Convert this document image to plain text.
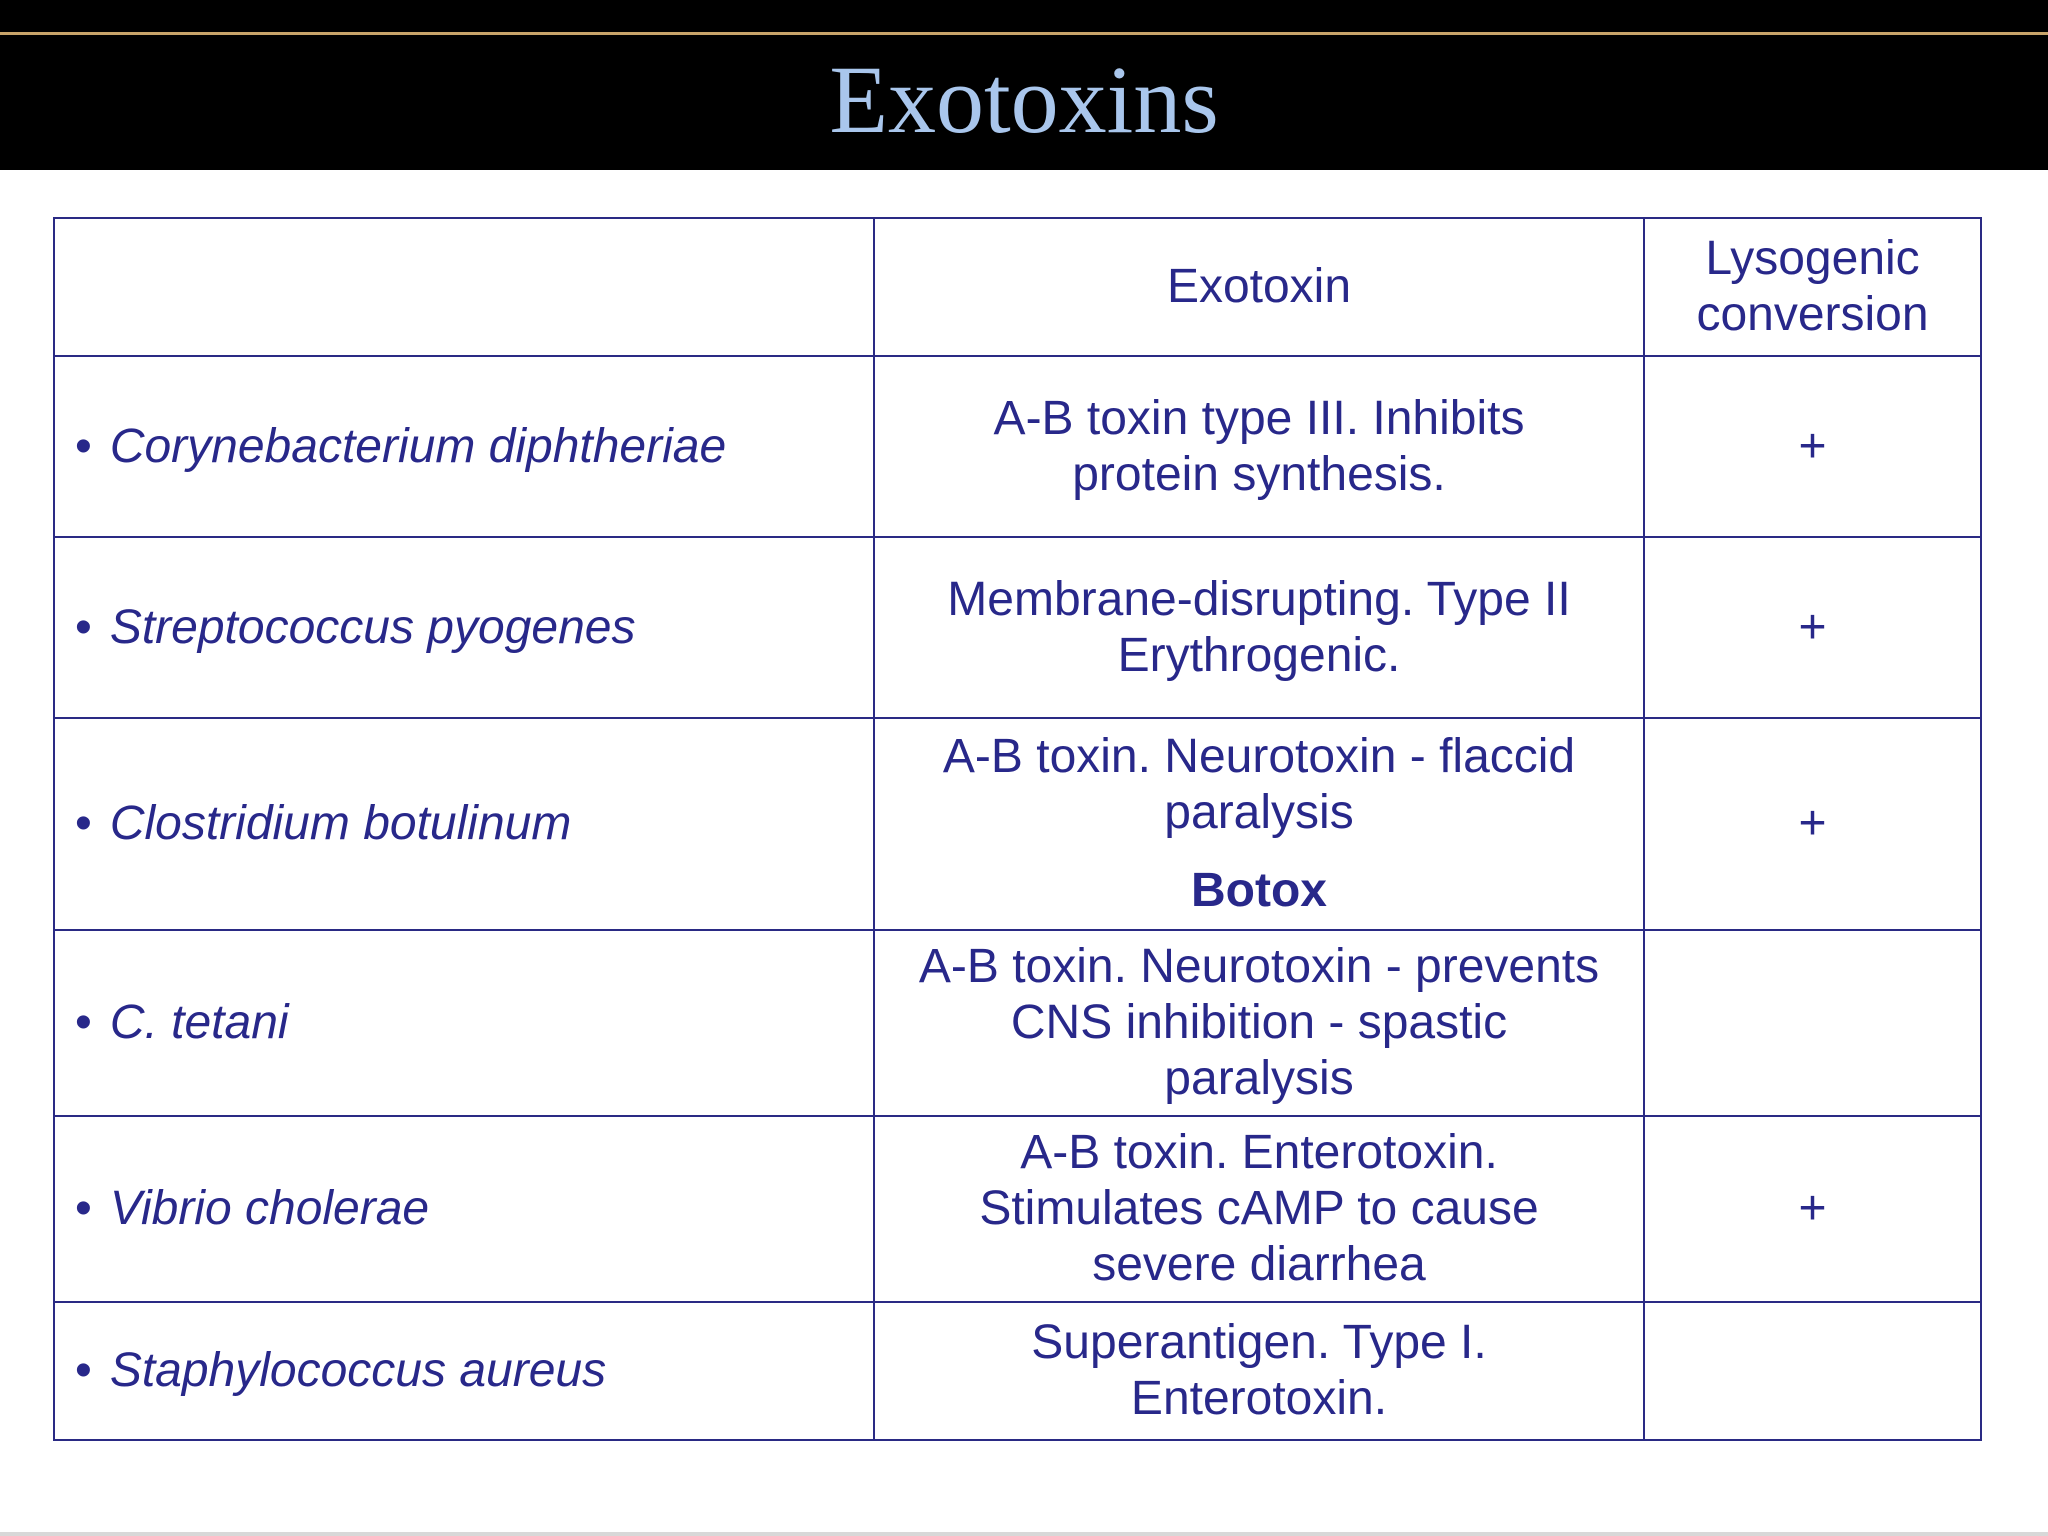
Exotoxins
	Exotoxin	Lysogenic
conversion
• Corynebacterium diphtheriae	A-B toxin type III. Inhibits
protein synthesis.	+
• Streptococcus pyogenes	Membrane-disrupting. Type II
Erythrogenic.	+
• Clostridium botulinum	A-B toxin. Neurotoxin - flaccid
paralysis
Botox	+
• C. tetani	A-B toxin. Neurotoxin - prevents
CNS inhibition - spastic
paralysis	
• Vibrio cholerae	A-B toxin. Enterotoxin.
Stimulates cAMP to cause
severe diarrhea	+
• Staphylococcus aureus	Superantigen. Type I.
Enterotoxin.	
